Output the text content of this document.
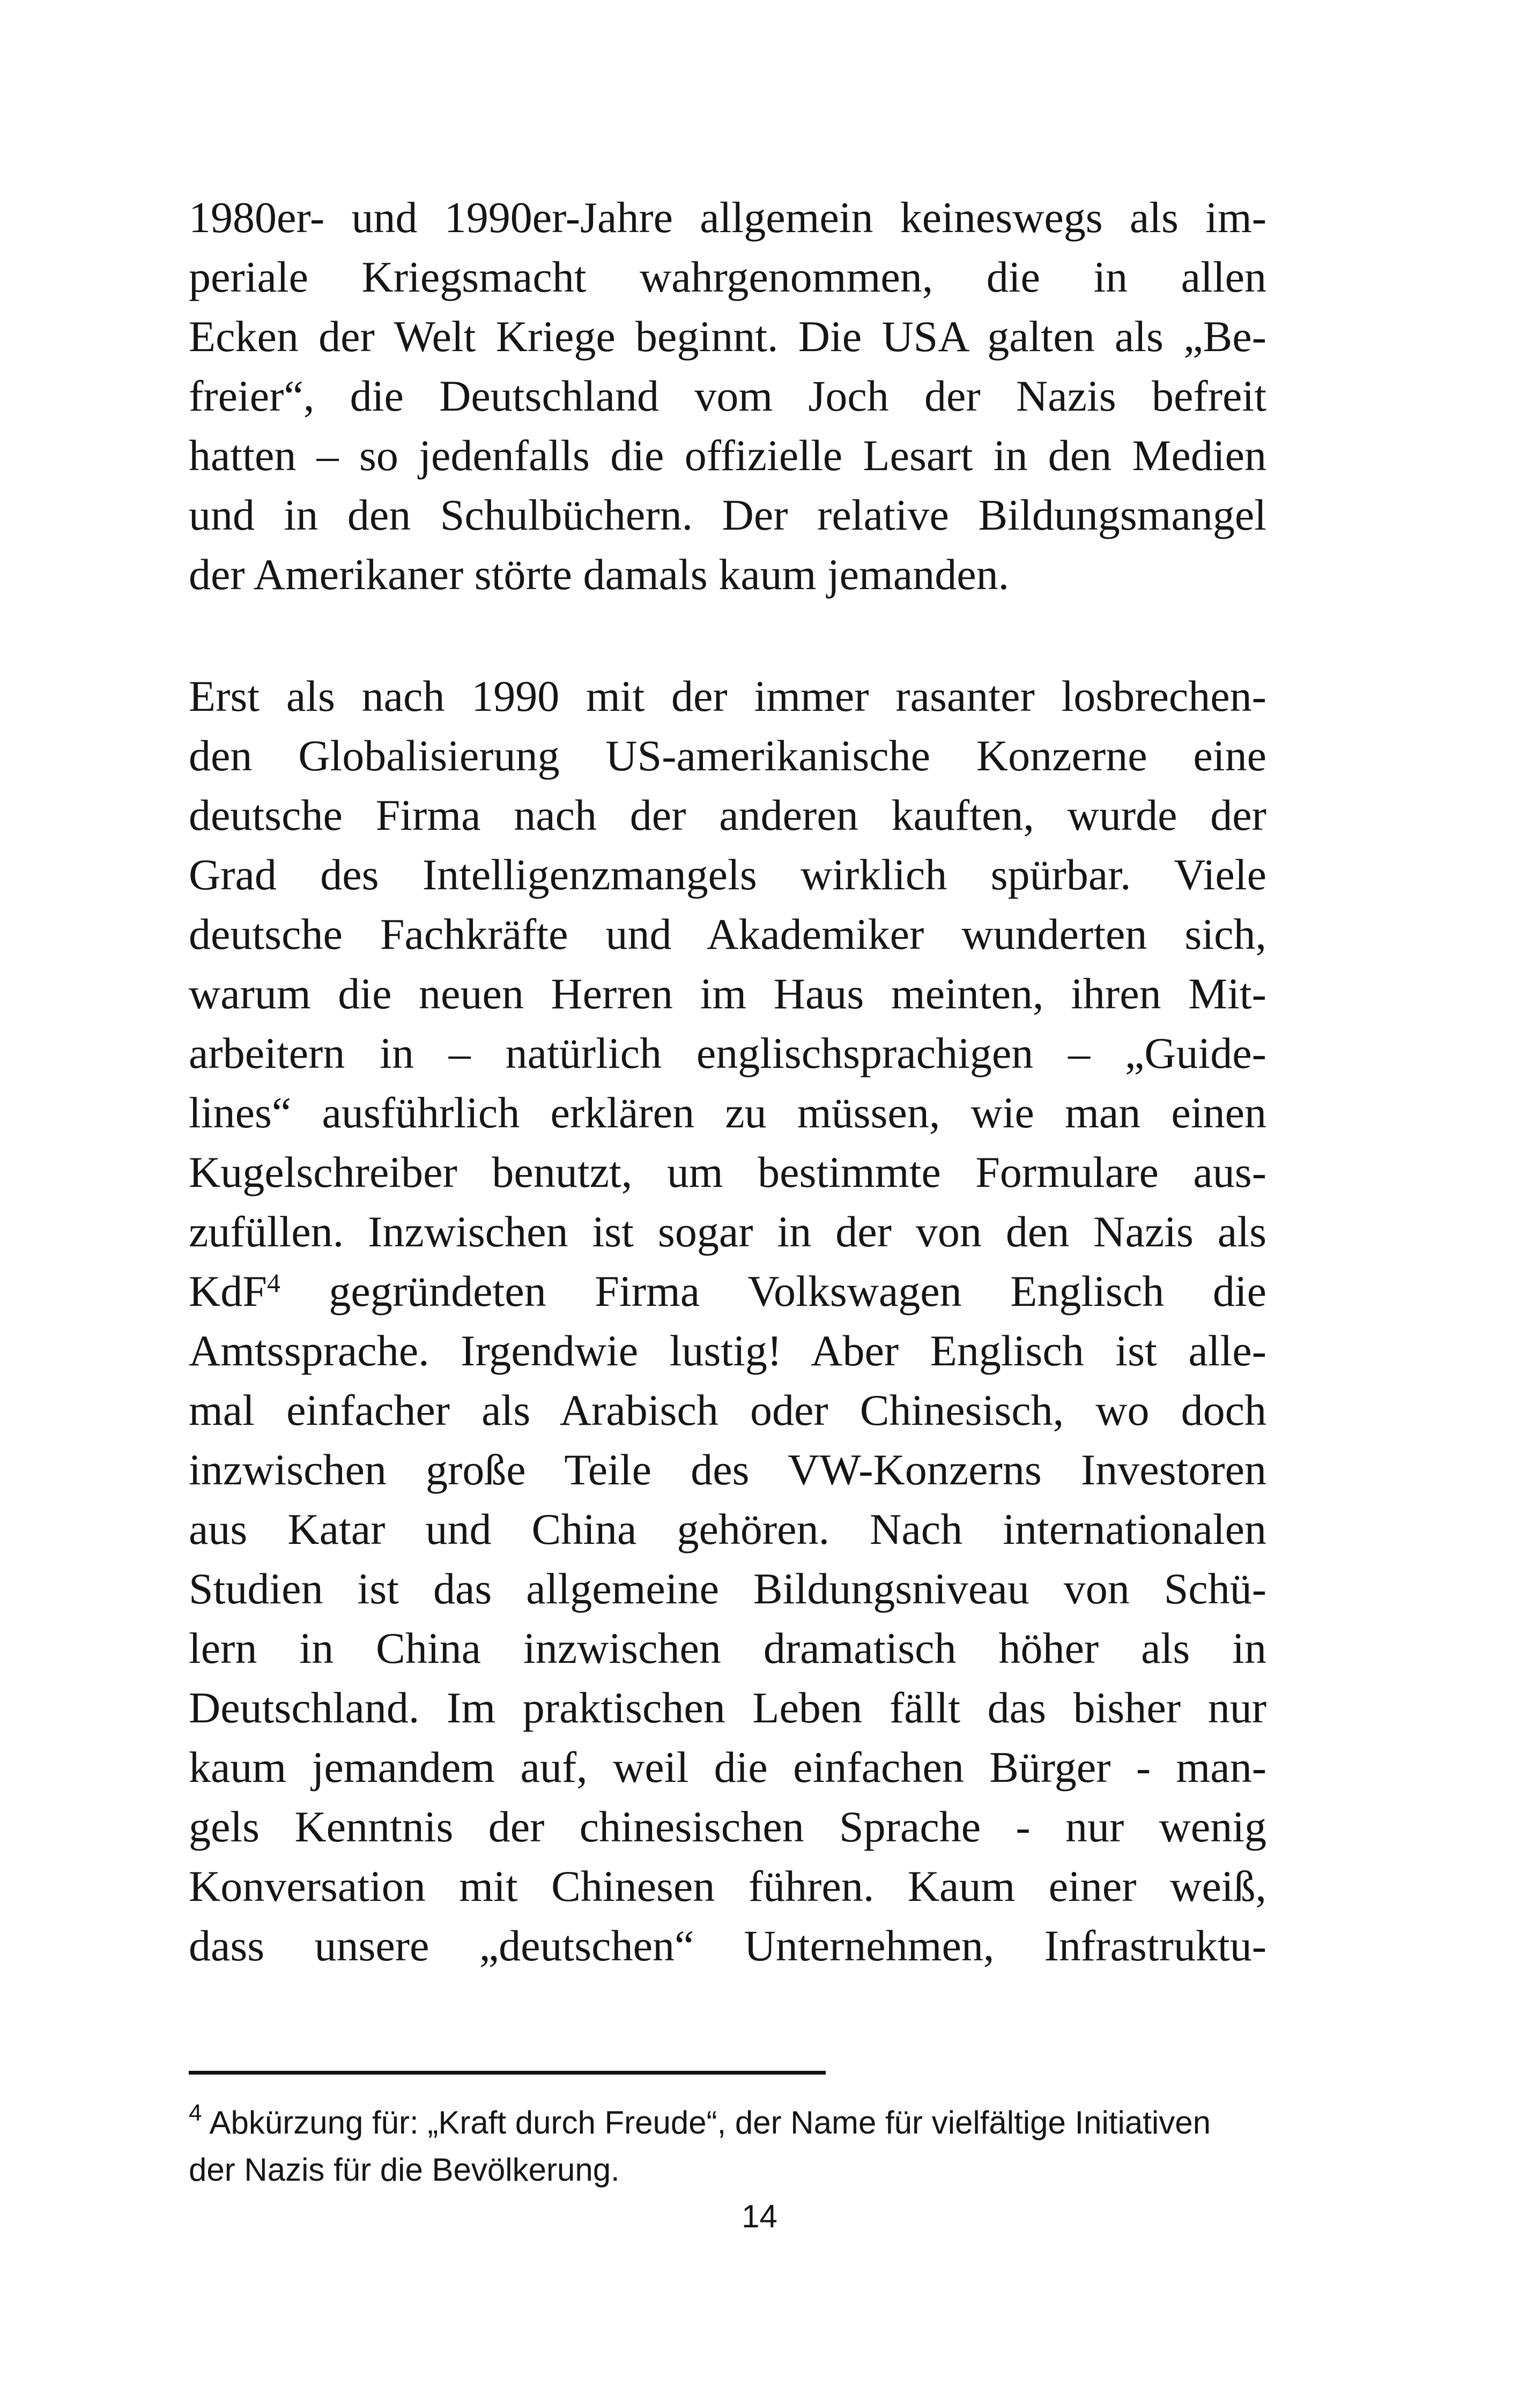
1980er- und 1990er-Jahre allgemein keineswegs als im-
periale Kriegsmacht wahrgenommen, die in allen
Ecken der Welt Kriege beginnt. Die USA galten als „Be-
freier“, die Deutschland vom Joch der Nazis befreit
hatten – so jedenfalls die offizielle Lesart in den Medien
und in den Schulbüchern. Der relative Bildungsmangel
der Amerikaner störte damals kaum jemanden.
Erst als nach 1990 mit der immer rasanter losbrechen-
den Globalisierung US-amerikanische Konzerne eine
deutsche Firma nach der anderen kauften, wurde der
Grad des Intelligenzmangels wirklich spürbar. Viele
deutsche Fachkräfte und Akademiker wunderten sich,
warum die neuen Herren im Haus meinten, ihren Mit-
arbeitern in – natürlich englischsprachigen – „Guide-
lines“ ausführlich erklären zu müssen, wie man einen
Kugelschreiber benutzt, um bestimmte Formulare aus-
zufüllen. Inzwischen ist sogar in der von den Nazis als
KdF$^4$ gegründeten Firma Volkswagen Englisch die
Amtssprache. Irgendwie lustig! Aber Englisch ist alle-
mal einfacher als Arabisch oder Chinesisch, wo doch
inzwischen große Teile des VW-Konzerns Investoren
aus Katar und China gehören. Nach internationalen
Studien ist das allgemeine Bildungsniveau von Schü-
lern in China inzwischen dramatisch höher als in
Deutschland. Im praktischen Leben fällt das bisher nur
kaum jemandem auf, weil die einfachen Bürger - man-
gels Kenntnis der chinesischen Sprache - nur wenig
Konversation mit Chinesen führen. Kaum einer weiß,
dass unsere „deutschen“ Unternehmen, Infrastruktu-
$^4$ Abkürzung für: „Kraft durch Freude“, der Name für vielfältige Initiativen
der Nazis für die Bevölkerung.
14
